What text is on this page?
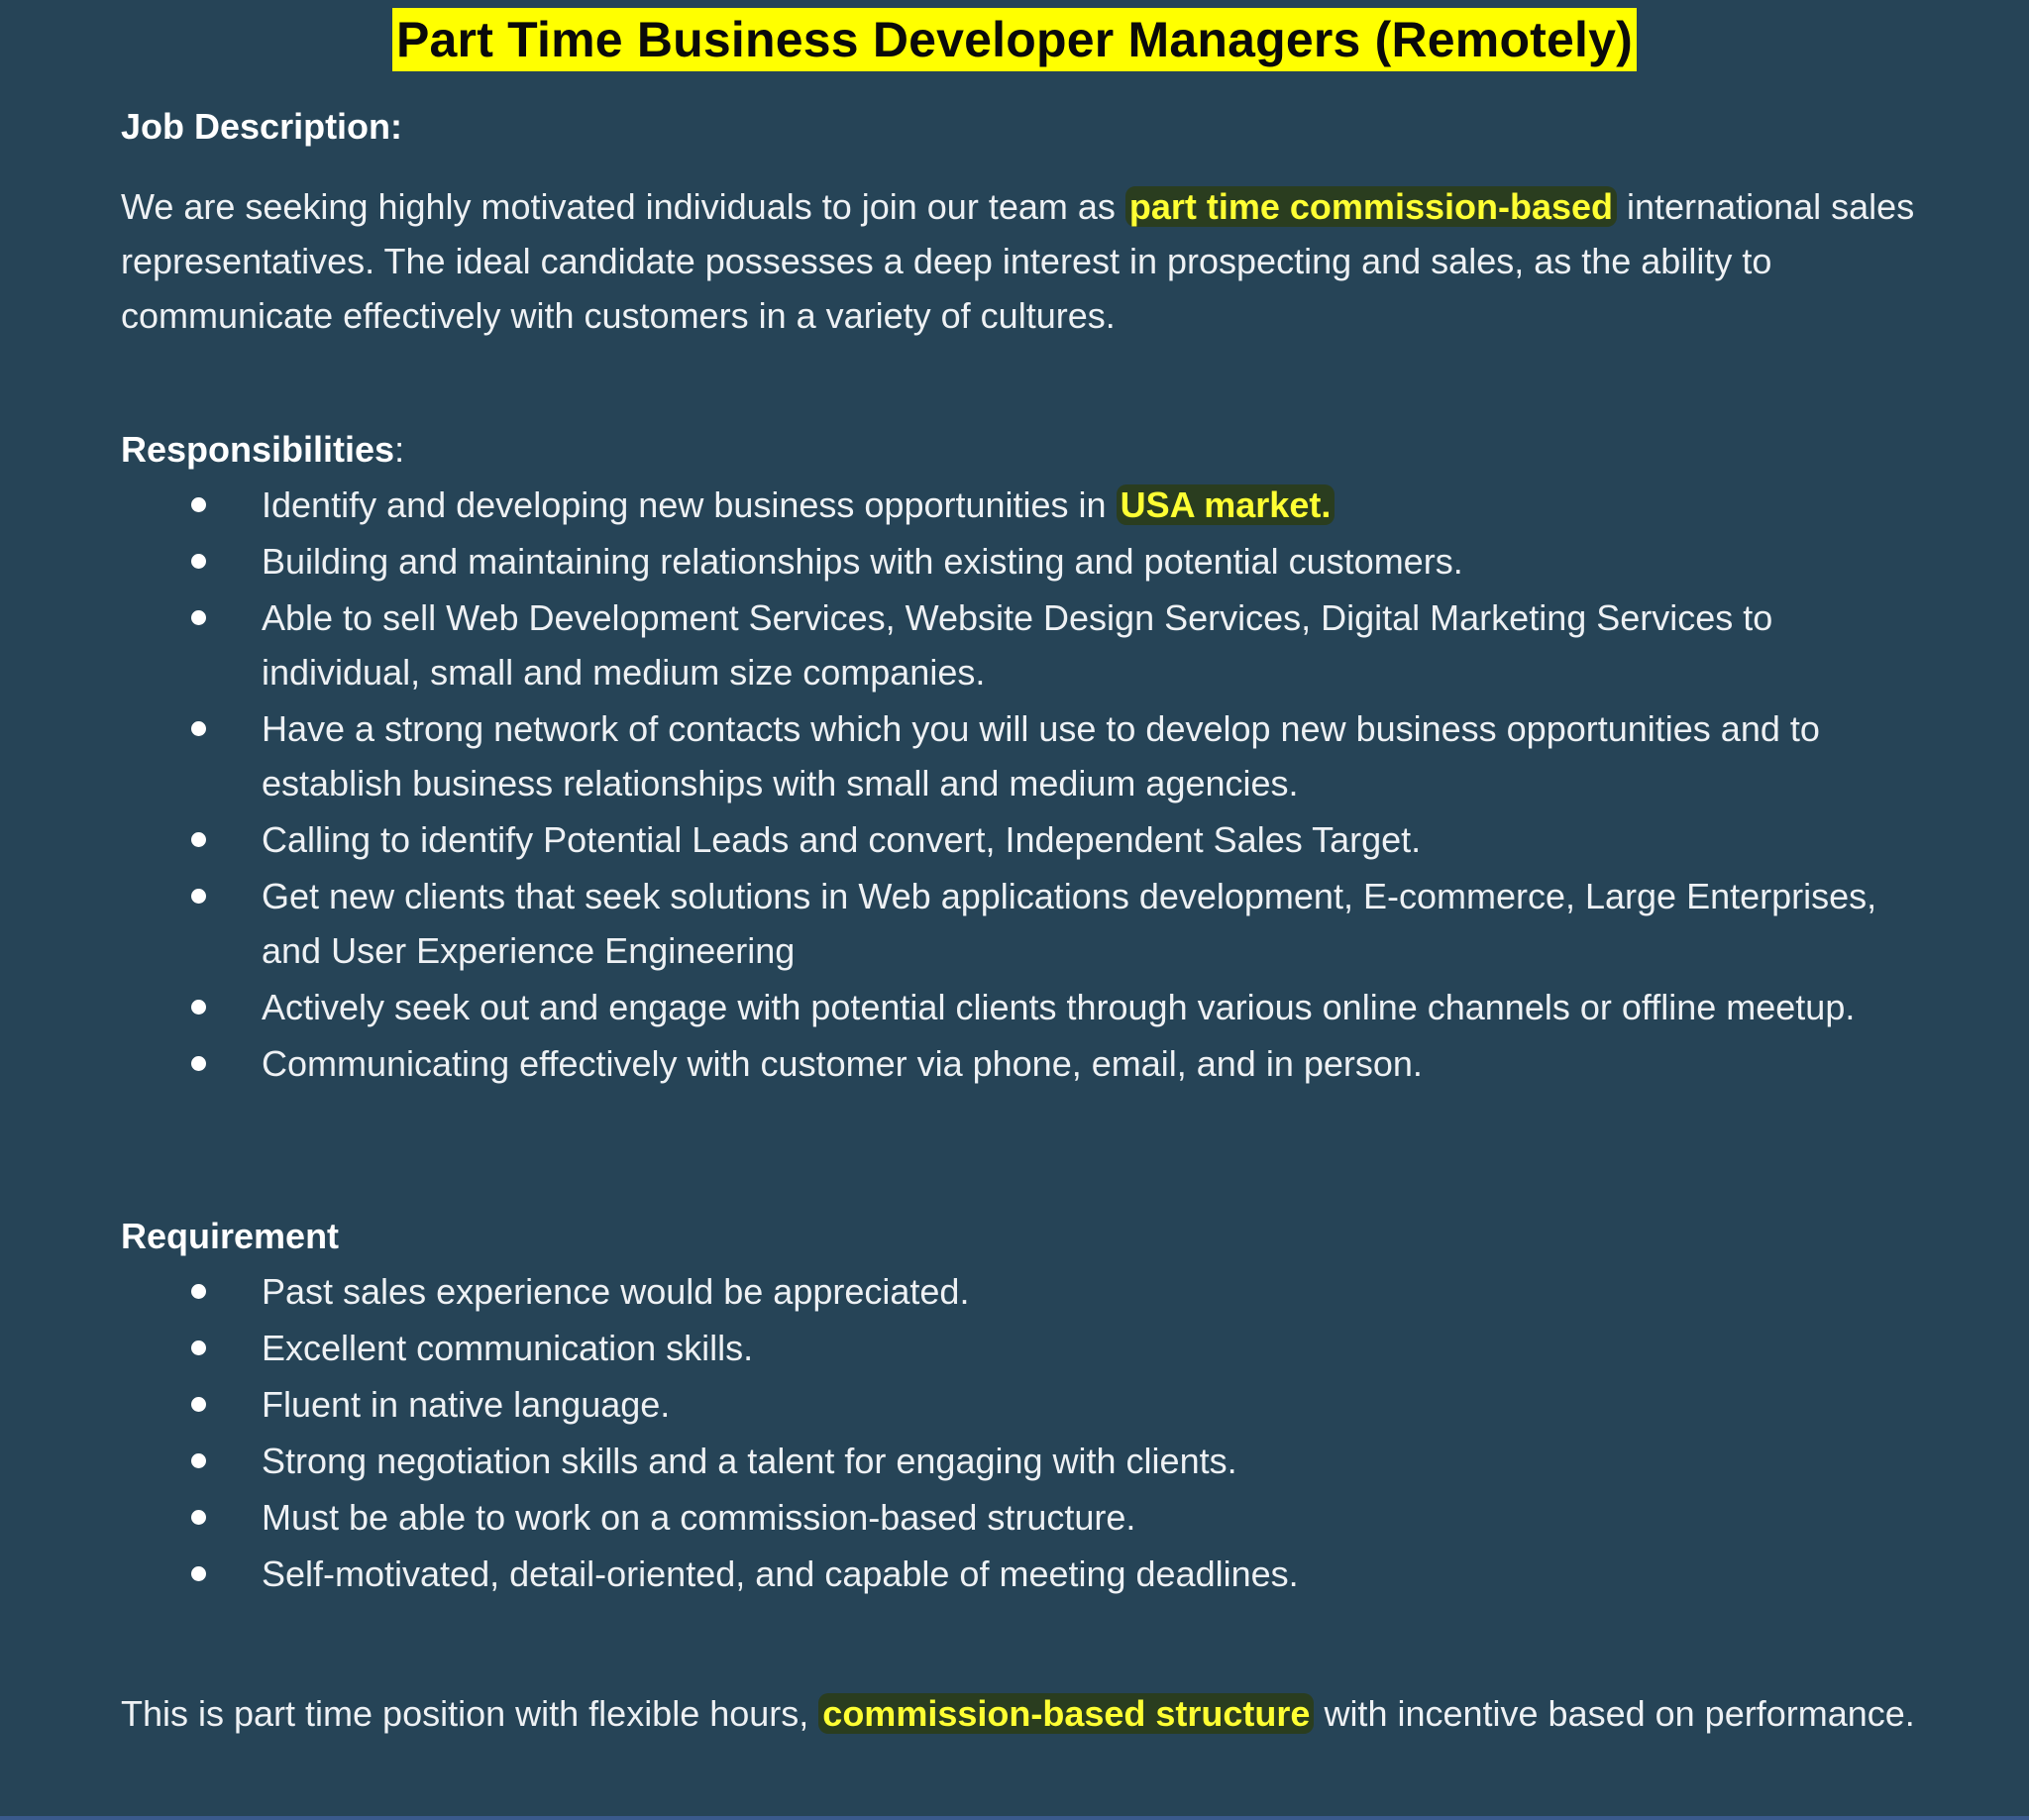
Part Time Business Developer Managers (Remotely)
Job Description:
We are seeking highly motivated individuals to join our team as part time commission-based international sales representatives. The ideal candidate possesses a deep interest in prospecting and sales, as the ability to communicate effectively with customers in a variety of cultures.
Responsibilities:
Identify and developing new business opportunities in USA market.
Building and maintaining relationships with existing and potential customers.
Able to sell Web Development Services, Website Design Services, Digital Marketing Services to individual, small and medium size companies.
Have a strong network of contacts which you will use to develop new business opportunities and to establish business relationships with small and medium agencies.
Calling to identify Potential Leads and convert, Independent Sales Target.
Get new clients that seek solutions in Web applications development, E-commerce, Large Enterprises, and User Experience Engineering
Actively seek out and engage with potential clients through various online channels or offline meetup.
Communicating effectively with customer via phone, email, and in person.
Requirement
Past sales experience would be appreciated.
Excellent communication skills.
Fluent in native language.
Strong negotiation skills and a talent for engaging with clients.
Must be able to work on a commission-based structure.
Self-motivated, detail-oriented, and capable of meeting deadlines.
This is part time position with flexible hours, commission-based structure with incentive based on performance.
